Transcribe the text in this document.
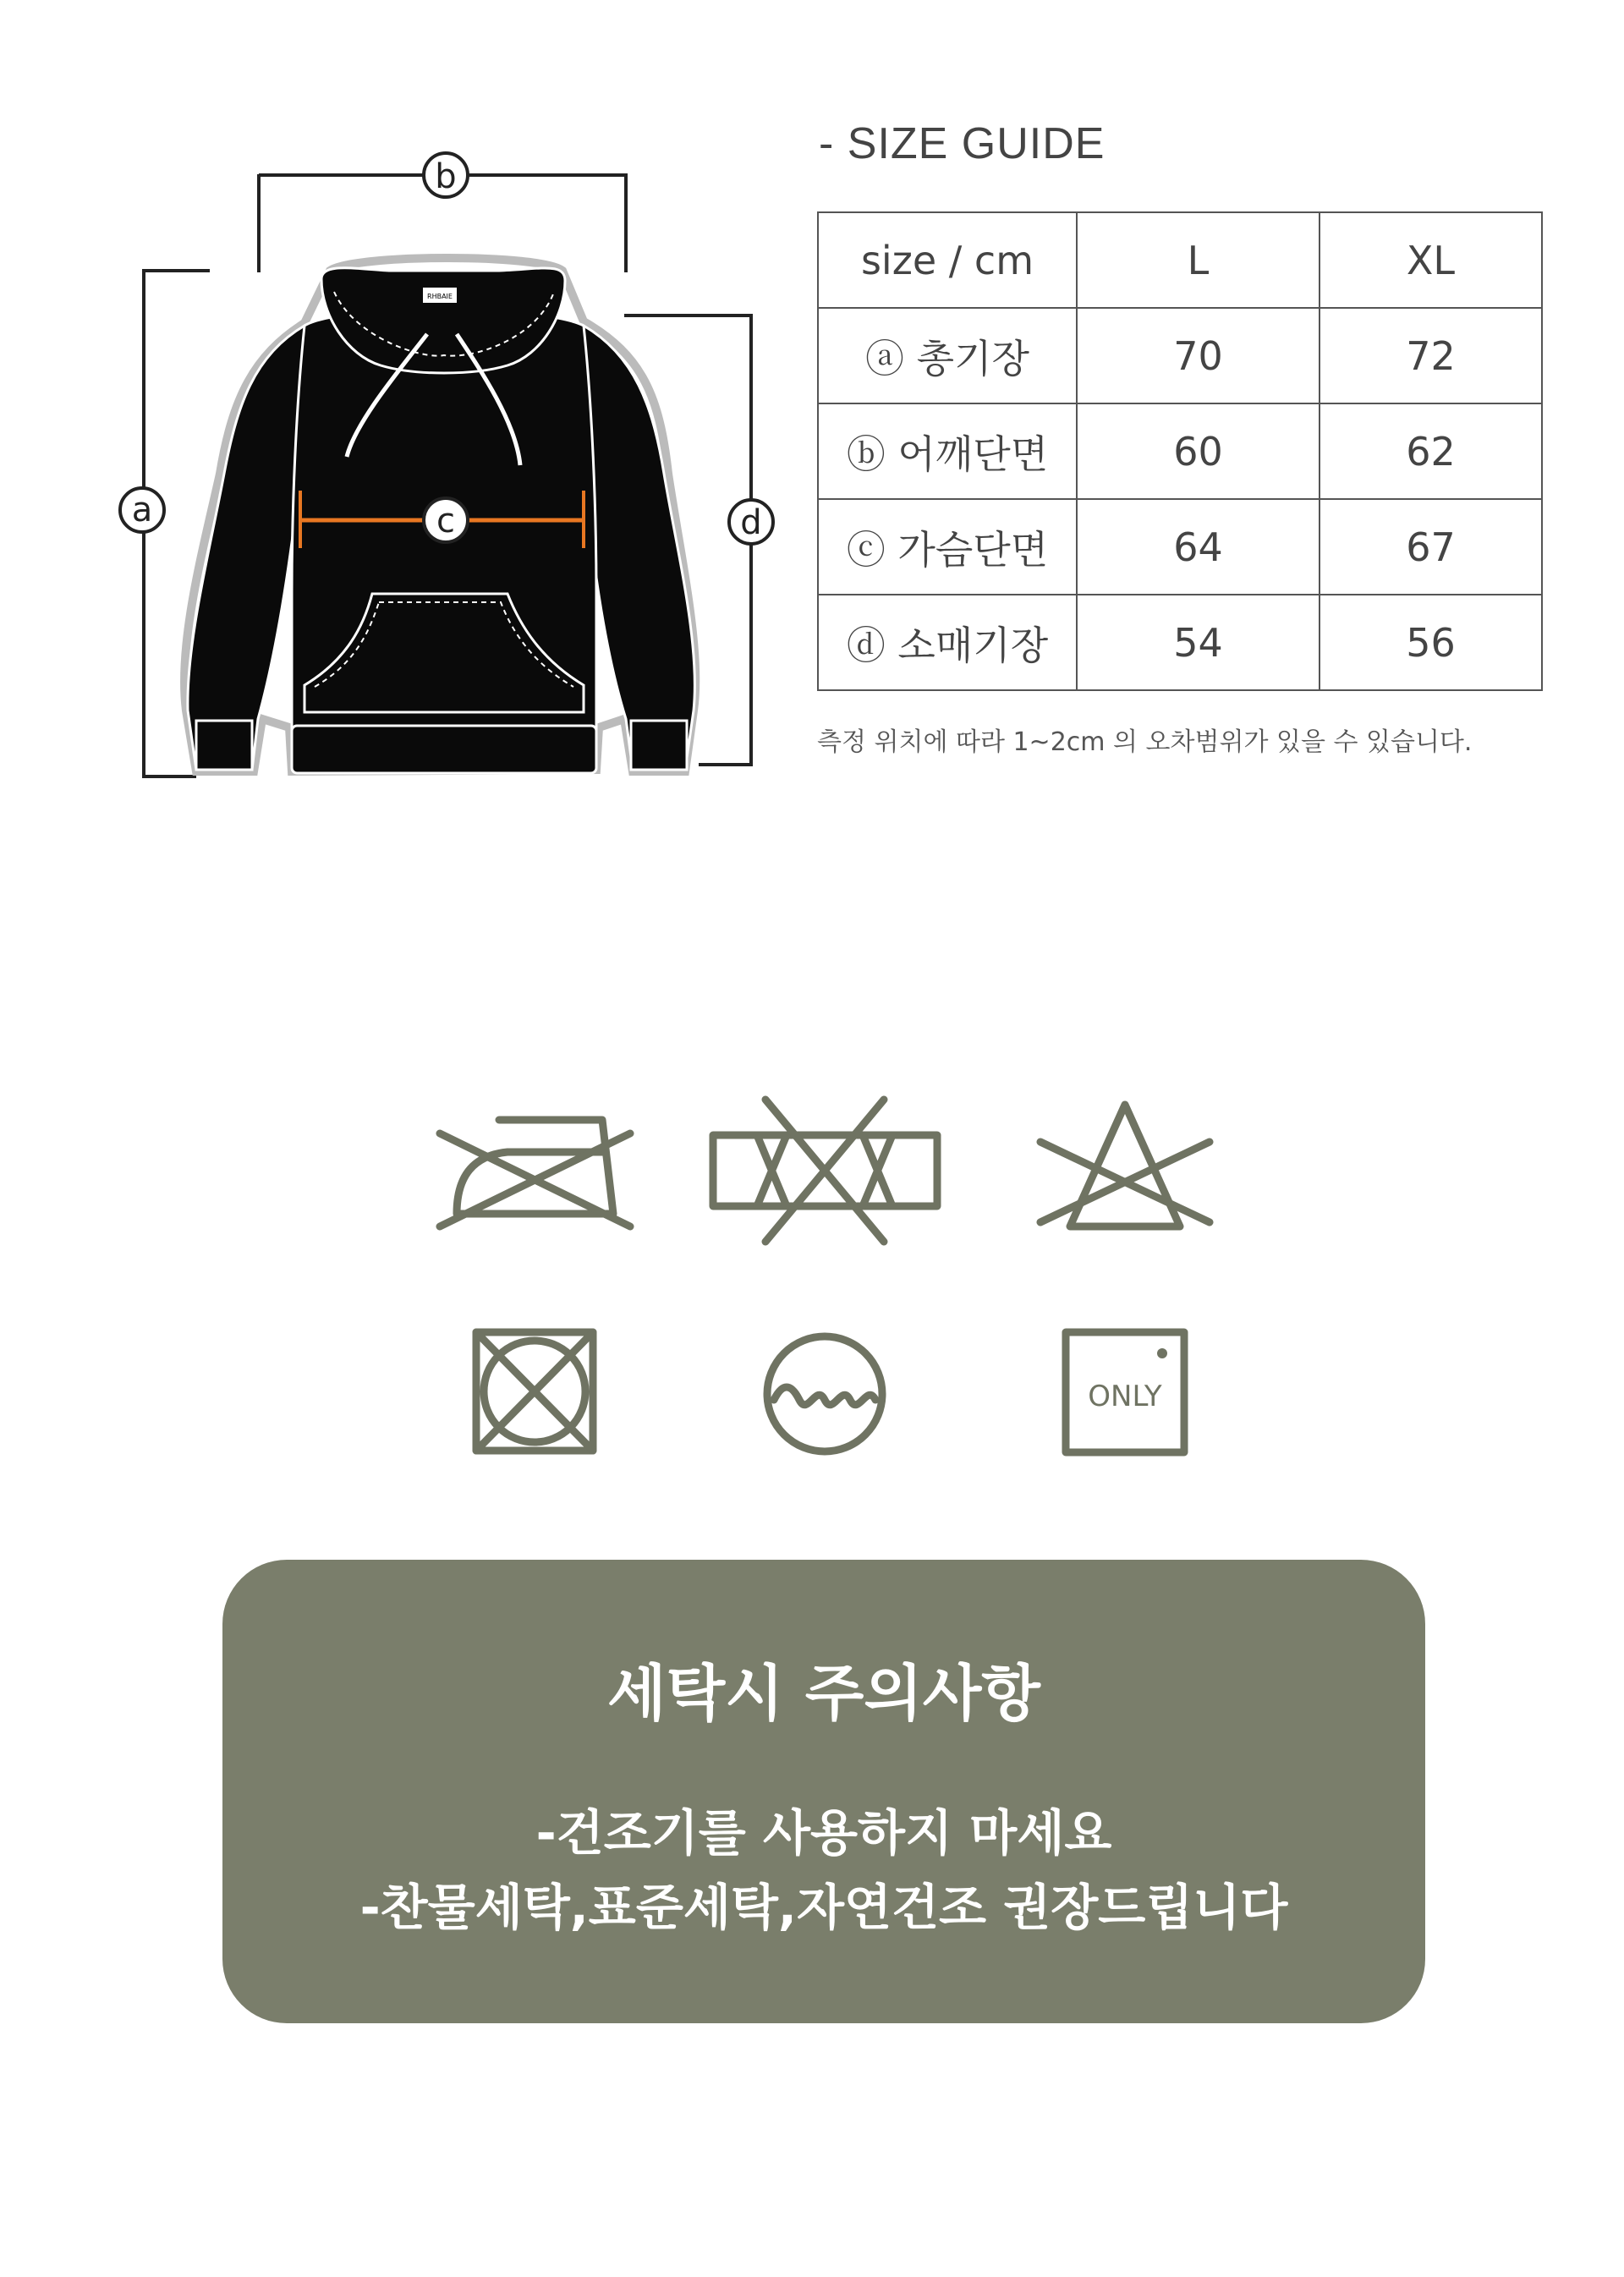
RHBAIE
b
a	c	d
- SIZE GUIDE
size / cm	L	XL
ⓐ 총기장	70	72
ⓑ 어깨단면	60	62
ⓒ 가슴단면	64	67
ⓓ 소매기장	54	56
측정 위치에 따라 1~2cm 의 오차범위가 있을 수 있습니다.
ONLY
세탁시 주의사항
-건조기를 사용하지 마세요
-찬물세탁,표준세탁,자연건조 권장드립니다
